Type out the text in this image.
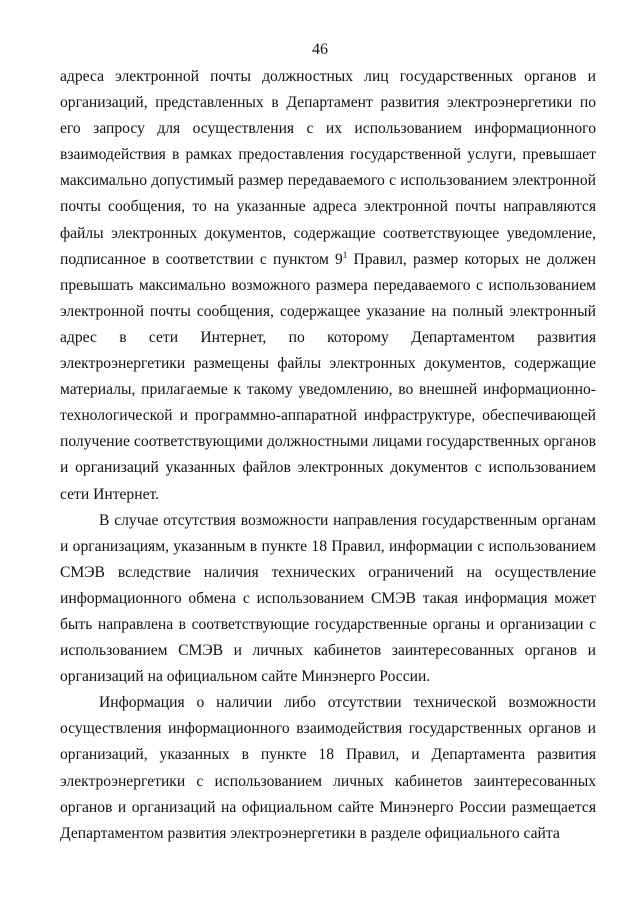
46

адреса электронной почты должностных лиц государственных органов и организаций, представленных в Департамент развития электроэнергетики по его запросу для осуществления с их использованием информационного взаимодействия в рамках предоставления государственной услуги, превышает максимально допустимый размер передаваемого с использованием электронной почты сообщения, то на указанные адреса электронной почты направляются файлы электронных документов, содержащие соответствующее уведомление, подписанное в соответствии с пунктом $9^1$ Правил, размер которых не должен превышать максимально возможного размера передаваемого с использованием электронной почты сообщения, содержащее указание на полный электронный адрес в сети Интернет, по которому Департаментом развития электроэнергетики размещены файлы электронных документов, содержащие материалы, прилагаемые к такому уведомлению, во внешней информационно-технологической и программно-аппаратной инфраструктуре, обеспечивающей получение соответствующими должностными лицами государственных органов и организаций указанных файлов электронных документов с использованием сети Интернет.

В случае отсутствия возможности направления государственным органам и организациям, указанным в пункте 18 Правил, информации с использованием СМЭВ вследствие наличия технических ограничений на осуществление информационного обмена с использованием СМЭВ такая информация может быть направлена в соответствующие государственные органы и организации с использованием СМЭВ и личных кабинетов заинтересованных органов и организаций на официальном сайте Минэнерго России.

Информация о наличии либо отсутствии технической возможности осуществления информационного взаимодействия государственных органов и организаций, указанных в пункте 18 Правил, и Департамента развития электроэнергетики с использованием личных кабинетов заинтересованных органов и организаций на официальном сайте Минэнерго России размещается Департаментом развития электроэнергетики в разделе официального сайта
